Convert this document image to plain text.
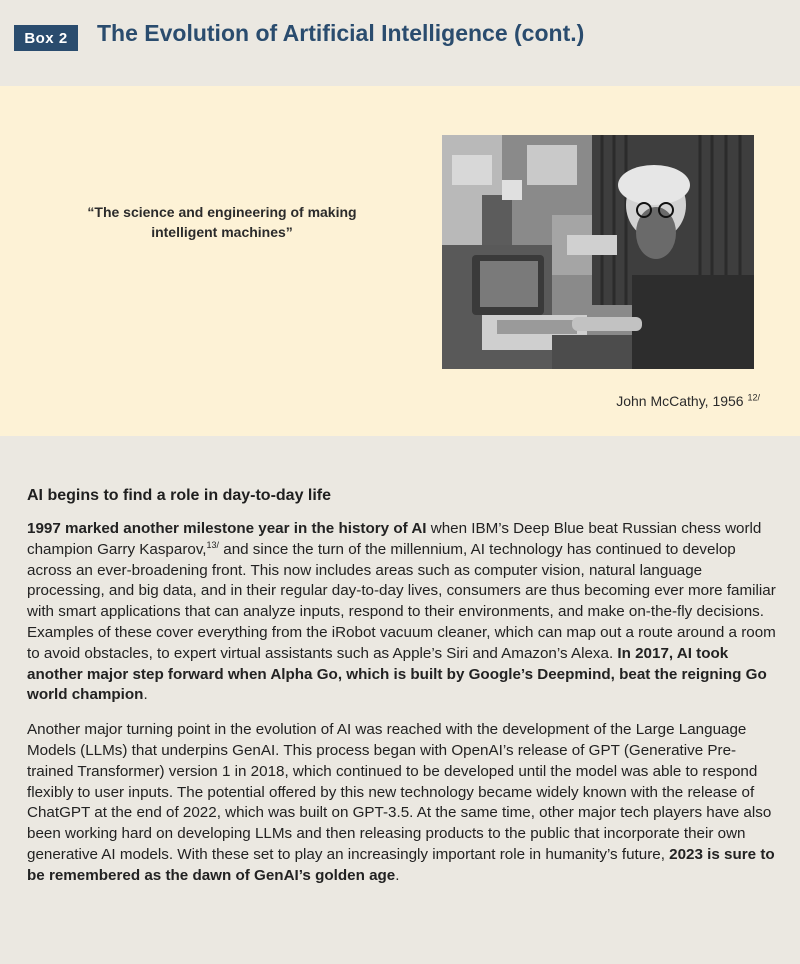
Box 2	The Evolution of Artificial Intelligence (cont.)
“The science and engineering of making intelligent machines”
John McCathy, 1956 $^{12/}$
AI begins to find a role in day-to-day life

1997 marked another milestone year in the history of AI when IBM’s Deep Blue beat Russian chess world champion Garry Kasparov,$^{13/}$ and since the turn of the millennium, AI technology has continued to develop across an ever-broadening front. This now includes areas such as computer vision, natural language processing, and big data, and in their regular day-to-day lives, consumers are thus becoming ever more familiar with smart applications that can analyze inputs, respond to their environments, and make on-the-fly decisions. Examples of these cover everything from the iRobot vacuum cleaner, which can map out a route around a room to avoid obstacles, to expert virtual assistants such as Apple’s Siri and Amazon’s Alexa. In 2017, AI took another major step forward when Alpha Go, which is built by Google’s Deepmind, beat the reigning Go world champion.

Another major turning point in the evolution of AI was reached with the development of the Large Language Models (LLMs) that underpins GenAI. This process began with OpenAI’s release of GPT (Generative Pre-trained Transformer) version 1 in 2018, which continued to be developed until the model was able to respond flexibly to user inputs. The potential offered by this new technology became widely known with the release of ChatGPT at the end of 2022, which was built on GPT-3.5. At the same time, other major tech players have also been working hard on developing LLMs and then releasing products to the public that incorporate their own generative AI models. With these set to play an increasingly important role in humanity’s future, 2023 is sure to be remembered as the dawn of GenAI’s golden age.
